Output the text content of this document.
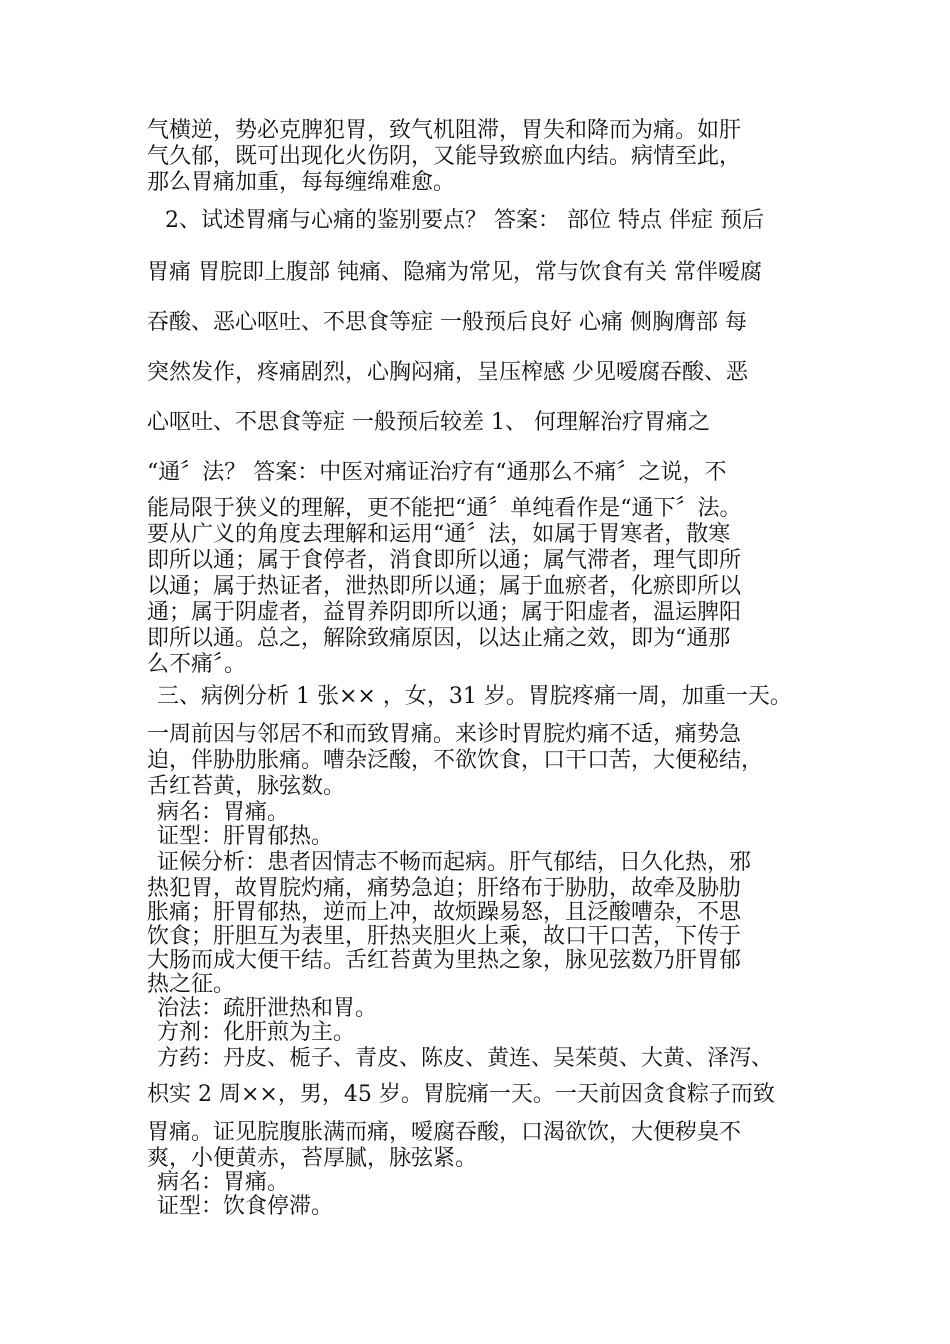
气横逆，势必克脾犯胃，致气机阻滞，胃失和降而为痛。如肝

气久郁，既可出现化火伤阴，又能导致瘀血内结。病情至此，

那么胃痛加重，每每缠绵难愈。

2、试述胃痛与心痛的鉴别要点？ 答案： 部位 特点 伴症 预后

胃痛 胃脘即上腹部 钝痛、隐痛为常见，常与饮食有关 常伴嗳腐

吞酸、恶心呕吐、不思食等症 一般预后良好 心痛 侧胸膺部 每

突然发作，疼痛剧烈，心胸闷痛，呈压榨感 少见嗳腐吞酸、恶

心呕吐、不思食等症 一般预后较差 1、 何理解治疗胃痛之

“通〞法？ 答案：中医对痛证治疗有“通那么不痛〞之说，不

能局限于狭义的理解，更不能把“通〞单纯看作是“通下〞法。

要从广义的角度去理解和运用“通〞法，如属于胃寒者，散寒

即所以通；属于食停者，消食即所以通；属气滞者，理气即所

以通；属于热证者，泄热即所以通；属于血瘀者，化瘀即所以

通；属于阴虚者，益胃养阴即所以通；属于阳虚者，温运脾阳

即所以通。总之，解除致痛原因，以达止痛之效，即为“通那

么不痛〞。

三、病例分析 1 张×× ，女，31 岁。胃脘疼痛一周，加重一天。

一周前因与邻居不和而致胃痛。来诊时胃脘灼痛不适，痛势急

迫，伴胁肋胀痛。嘈杂泛酸，不欲饮食，口干口苦，大便秘结，

舌红苔黄，脉弦数。

病名：胃痛。

证型：肝胃郁热。

证候分析：患者因情志不畅而起病。肝气郁结，日久化热，邪

热犯胃，故胃脘灼痛，痛势急迫；肝络布于胁肋，故牵及胁肋

胀痛；肝胃郁热，逆而上冲，故烦躁易怒，且泛酸嘈杂，不思

饮食；肝胆互为表里，肝热夹胆火上乘，故口干口苦，下传于

大肠而成大便干结。舌红苔黄为里热之象，脉见弦数乃肝胃郁

热之征。

治法：疏肝泄热和胃。

方剂：化肝煎为主。

方药：丹皮、栀子、青皮、陈皮、黄连、吴茱萸、大黄、泽泻、

枳实 2 周××，男，45 岁。胃脘痛一天。一天前因贪食粽子而致

胃痛。证见脘腹胀满而痛，嗳腐吞酸，口渴欲饮，大便秽臭不

爽，小便黄赤，苔厚腻，脉弦紧。

病名：胃痛。

证型：饮食停滞。
